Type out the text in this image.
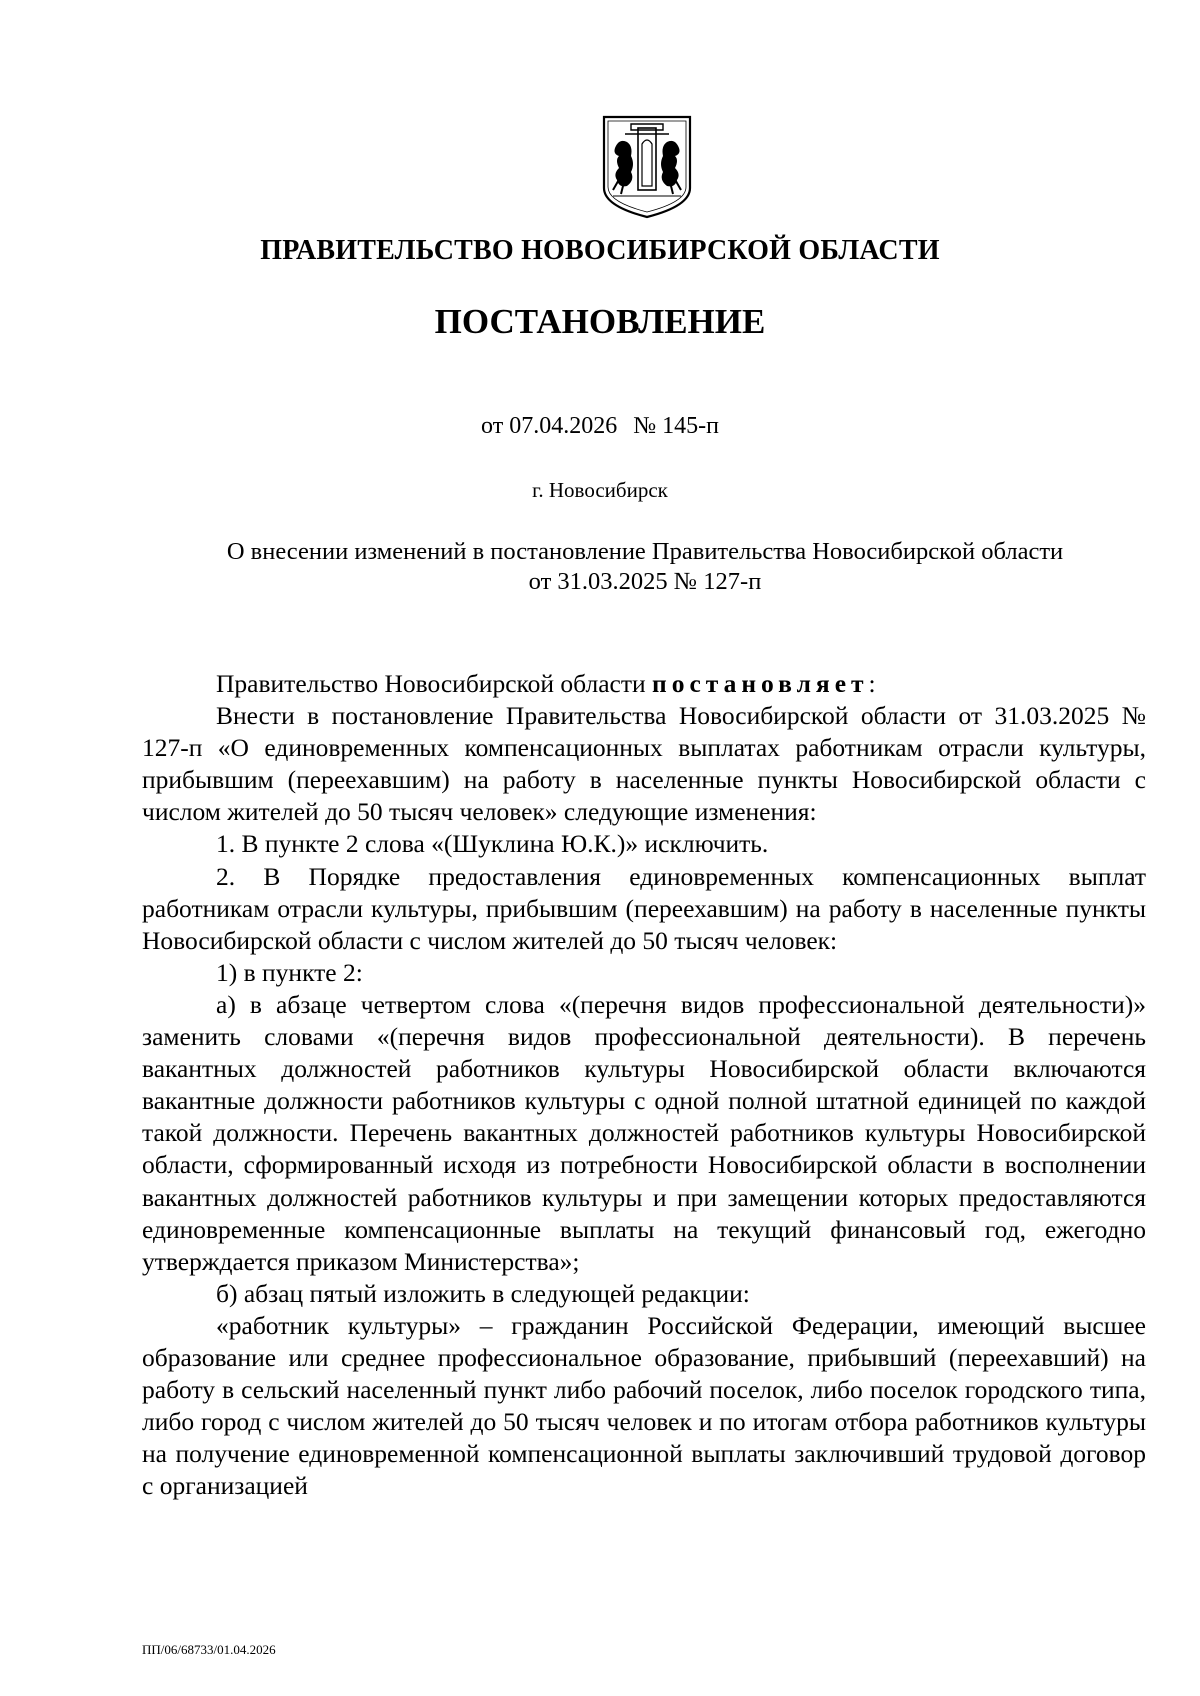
ПРАВИТЕЛЬСТВО НОВОСИБИРСКОЙ ОБЛАСТИ
ПОСТАНОВЛЕНИЕ
от 07.04.2026 № 145-п
г. Новосибирск
О внесении изменений в постановление Правительства Новосибирской области
от 31.03.2025 № 127-п

Правительство Новосибирской области постановляет:

Внести в постановление Правительства Новосибирской области от 31.03.2025 № 127-п «О единовременных компенсационных выплатах работникам отрасли культуры, прибывшим (переехавшим) на работу в населенные пункты Новосибирской области с числом жителей до 50 тысяч человек» следующие изменения:

1. В пункте 2 слова «(Шуклина Ю.К.)» исключить.

2. В Порядке предоставления единовременных компенсационных выплат работникам отрасли культуры, прибывшим (переехавшим) на работу в населенные пункты Новосибирской области с числом жителей до 50 тысяч человек:

1) в пункте 2:

а) в абзаце четвертом слова «(перечня видов профессиональной деятельности)» заменить словами «(перечня видов профессиональной деятельности). В перечень вакантных должностей работников культуры Новосибирской области включаются вакантные должности работников культуры с одной полной штатной единицей по каждой такой должности. Перечень вакантных должностей работников культуры Новосибирской области, сформированный исходя из потребности Новосибирской области в восполнении вакантных должностей работников культуры и при замещении которых предоставляются единовременные компенсационные выплаты на текущий финансовый год, ежегодно утверждается приказом Министерства»;

б) абзац пятый изложить в следующей редакции:

«работник культуры» – гражданин Российской Федерации, имеющий высшее образование или среднее профессиональное образование, прибывший (переехавший) на работу в сельский населенный пункт либо рабочий поселок, либо поселок городского типа, либо город с числом жителей до 50 тысяч человек и по итогам отбора работников культуры на получение единовременной компенсационной выплаты заключивший трудовой договор с организацией

ПП/06/68733/01.04.2026
